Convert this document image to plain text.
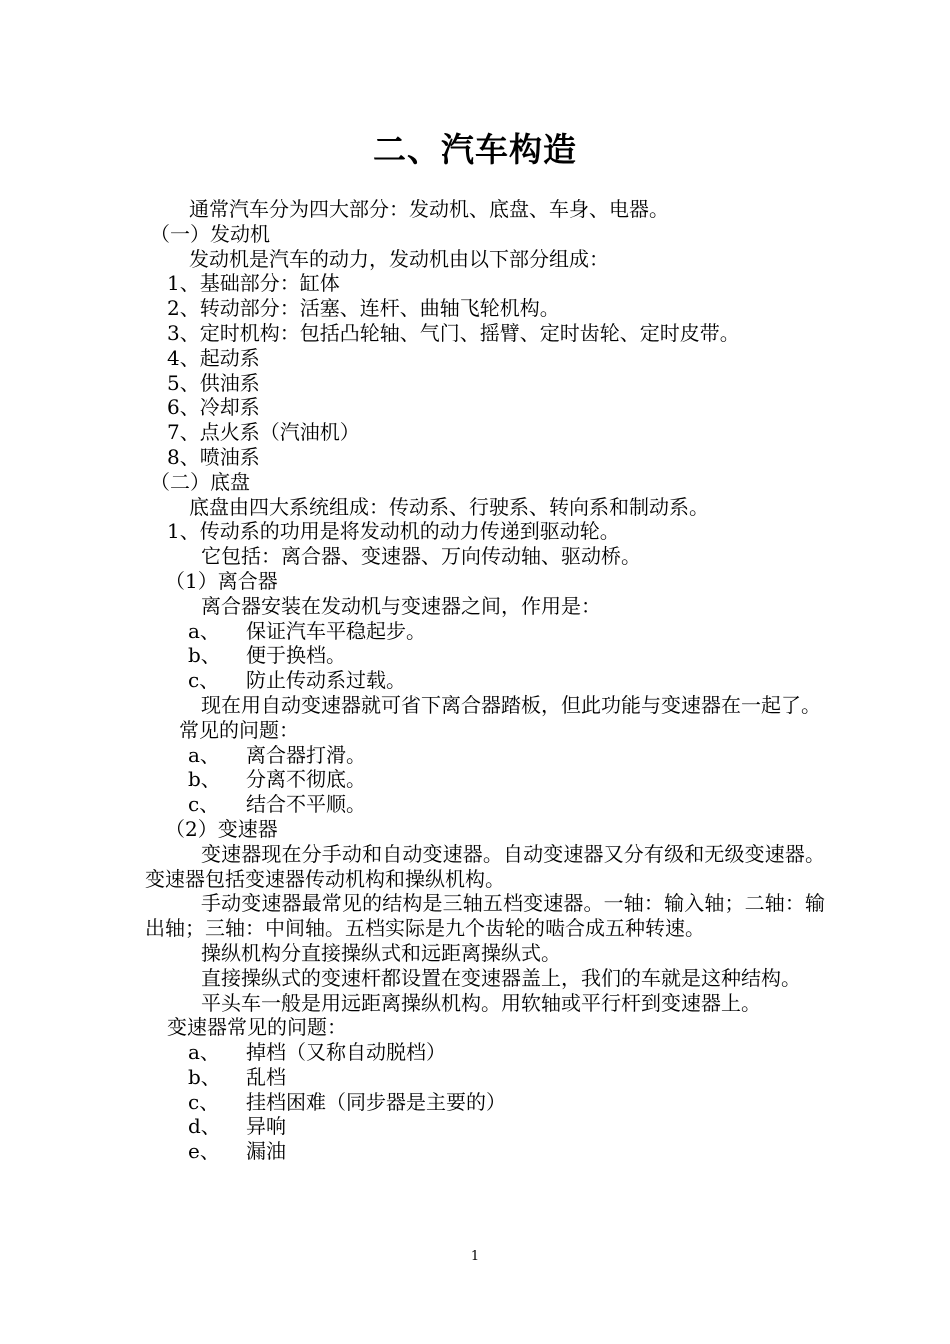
二、汽车构造
通常汽车分为四大部分：发动机、底盘、车身、电器。
（一）发动机
发动机是汽车的动力，发动机由以下部分组成：
1、基础部分：缸体
2、转动部分：活塞、连杆、曲轴飞轮机构。
3、定时机构：包括凸轮轴、气门、摇臂、定时齿轮、定时皮带。
4、起动系
5、供油系
6、冷却系
7、点火系（汽油机）
8、喷油系
（二）底盘
底盘由四大系统组成：传动系、行驶系、转向系和制动系。
1、传动系的功用是将发动机的动力传递到驱动轮。
它包括：离合器、变速器、万向传动轴、驱动桥。
（1）离合器
离合器安装在发动机与变速器之间，作用是：
a、 保证汽车平稳起步。
b、 便于换档。
c、 防止传动系过载。
现在用自动变速器就可省下离合器踏板，但此功能与变速器在一起了。
常见的问题：
a、 离合器打滑。
b、 分离不彻底。
c、 结合不平顺。
（2）变速器
变速器现在分手动和自动变速器。自动变速器又分有级和无级变速器。变速器包括变速器传动机构和操纵机构。
手动变速器最常见的结构是三轴五档变速器。一轴：输入轴；二轴：输出轴；三轴：中间轴。五档实际是九个齿轮的啮合成五种转速。
操纵机构分直接操纵式和远距离操纵式。
直接操纵式的变速杆都设置在变速器盖上，我们的车就是这种结构。
平头车一般是用远距离操纵机构。用软轴或平行杆到变速器上。
变速器常见的问题：
a、 掉档（又称自动脱档）
b、 乱档
c、 挂档困难（同步器是主要的）
d、 异响
e、 漏油
1
